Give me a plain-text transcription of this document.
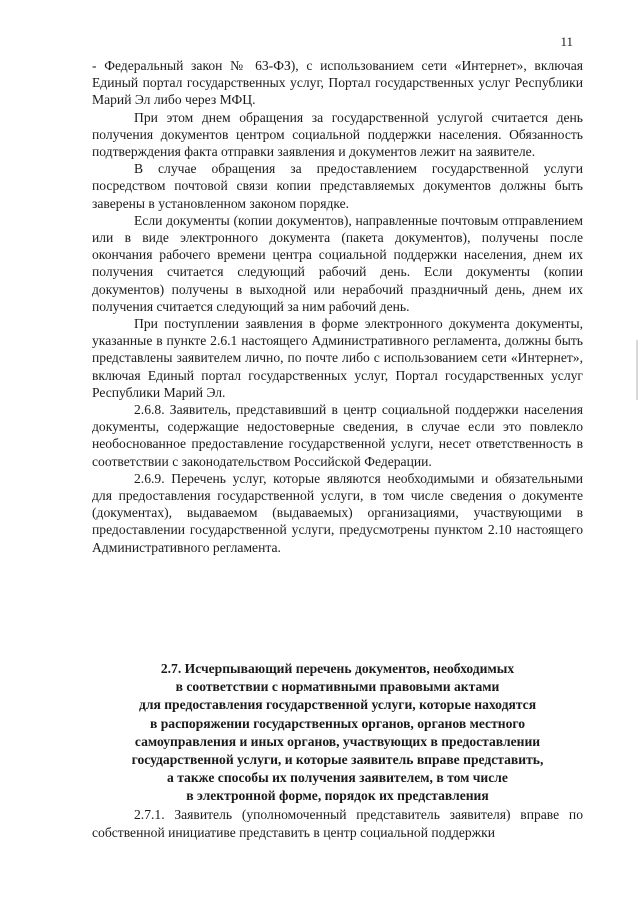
11

- Федеральный закон № 63-ФЗ), с использованием сети «Интернет», включая Единый портал государственных услуг, Портал государственных услуг Республики Марий Эл либо через МФЦ.

При этом днем обращения за государственной услугой считается день получения документов центром социальной поддержки населения. Обязанность подтверждения факта отправки заявления и документов лежит на заявителе.

В случае обращения за предоставлением государственной услуги посредством почтовой связи копии представляемых документов должны быть заверены в установленном законом порядке.

Если документы (копии документов), направленные почтовым отправлением или в виде электронного документа (пакета документов), получены после окончания рабочего времени центра социальной поддержки населения, днем их получения считается следующий рабочий день. Если документы (копии документов) получены в выходной или нерабочий праздничный день, днем их получения считается следующий за ним рабочий день.

При поступлении заявления в форме электронного документа документы, указанные в пункте 2.6.1 настоящего Административного регламента, должны быть представлены заявителем лично, по почте либо с использованием сети «Интернет», включая Единый портал государственных услуг, Портал государственных услуг Республики Марий Эл.

2.6.8. Заявитель, представивший в центр социальной поддержки населения документы, содержащие недостоверные сведения, в случае если это повлекло необоснованное предоставление государственной услуги, несет ответственность в соответствии с законодательством Российской Федерации.

2.6.9. Перечень услуг, которые являются необходимыми и обязательными для предоставления государственной услуги, в том числе сведения о документе (документах), выдаваемом (выдаваемых) организациями, участвующими в предоставлении государственной услуги, предусмотрены пунктом 2.10 настоящего Административного регламента.

2.7. Исчерпывающий перечень документов, необходимых
в соответствии с нормативными правовыми актами
для предоставления государственной услуги, которые находятся
в распоряжении государственных органов, органов местного
самоуправления и иных органов, участвующих в предоставлении
государственной услуги, и которые заявитель вправе представить,
а также способы их получения заявителем, в том числе
в электронной форме, порядок их представления

2.7.1. Заявитель (уполномоченный представитель заявителя) вправе по собственной инициативе представить в центр социальной поддержки
